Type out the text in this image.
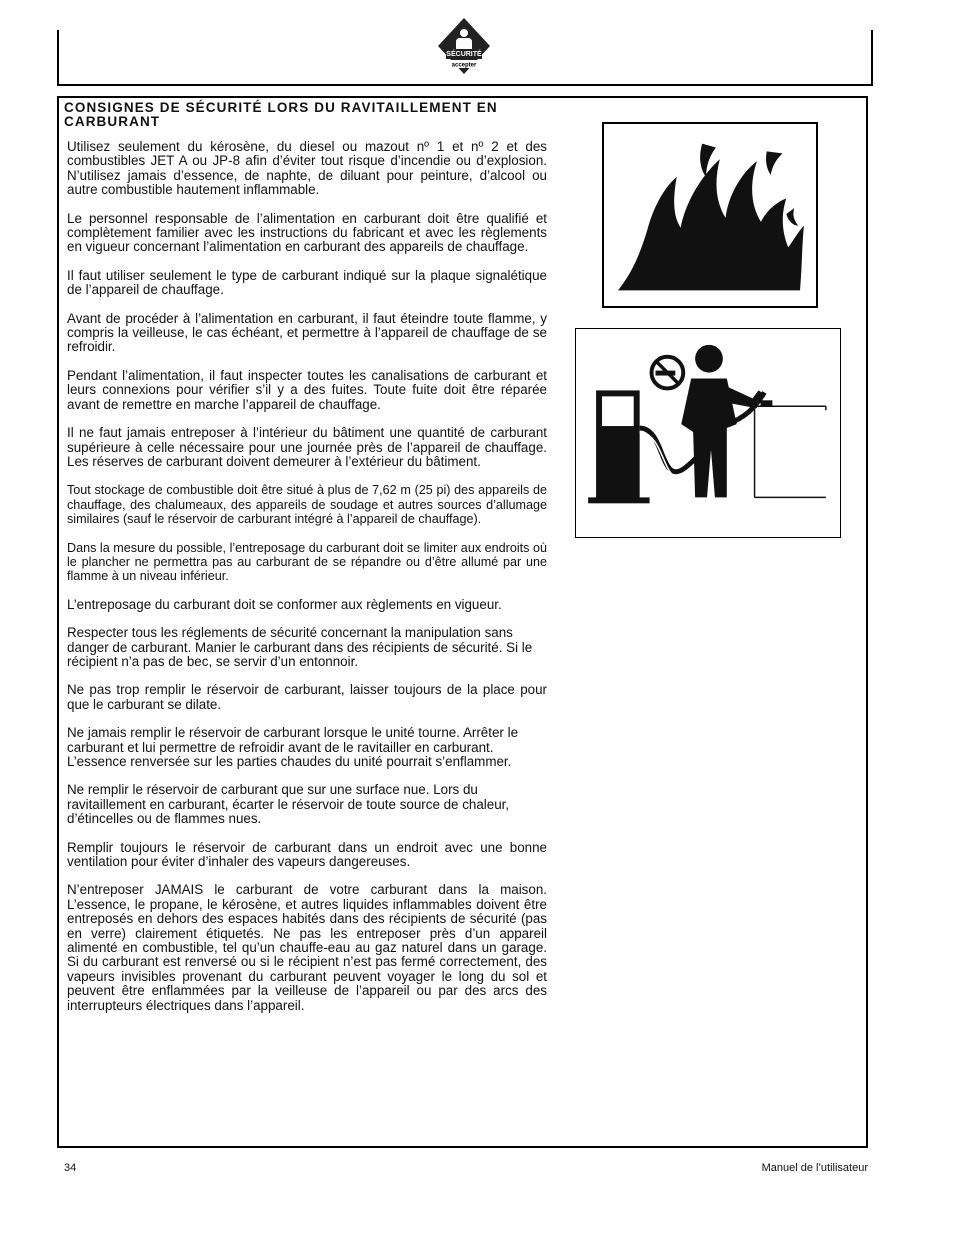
SÉCURITÉ
accepter
CONSIGNES DE SÉCURITÉ LORS DU RAVITAILLEMENT EN CARBURANT

Utilisez seulement du kérosène, du diesel ou mazout nº 1 et nº 2 et des combustibles JET A ou JP-8 afin d’éviter tout risque d’incendie ou d’explosion. N’utilisez jamais d’essence, de naphte, de diluant pour peinture, d’alcool ou autre combustible hautement inflammable.

Le personnel responsable de l’alimentation en carburant doit être qualifié et complètement familier avec les instructions du fabricant et avec les règlements en vigueur concernant l’alimentation en carburant des appareils de chauffage.

Il faut utiliser seulement le type de carburant indiqué sur la plaque signalétique de l’appareil de chauffage.

Avant de procéder à l’alimentation en carburant, il faut éteindre toute flamme, y compris la veilleuse, le cas échéant, et permettre à l’appareil de chauffage de se refroidir.

Pendant l’alimentation, il faut inspecter toutes les canalisations de carburant et leurs connexions pour vérifier s’il y a des fuites. Toute fuite doit être réparée avant de remettre en marche l’appareil de chauffage.

Il ne faut jamais entreposer à l’intérieur du bâtiment une quantité de carburant supérieure à celle nécessaire pour une journée près de l’appareil de chauffage. Les réserves de carburant doivent demeurer à l’extérieur du bâtiment.

Tout stockage de combustible doit être situé à plus de 7,62 m (25 pi) des appareils de chauffage, des chalumeaux, des appareils de soudage et autres sources d’allumage similaires (sauf le réservoir de carburant intégré à l’appareil de chauffage).

Dans la mesure du possible, l’entreposage du carburant doit se limiter aux endroits où le plancher ne permettra pas au carburant de se répandre ou d’être allumé par une flamme à un niveau inférieur.

L’entreposage du carburant doit se conformer aux règlements en vigueur.

Respecter tous les réglements de sécurité concernant la manipulation sans danger de carburant. Manier le carburant dans des récipients de sécurité. Si le récipient n’a pas de bec, se servir d’un entonnoir.

Ne pas trop remplir le réservoir de carburant, laisser toujours de la place pour que le carburant se dilate.

Ne jamais remplir le réservoir de carburant lorsque le unité tourne. Arrêter le carburant et lui permettre de refroidir avant de le ravitailler en carburant. L’essence renversée sur les parties chaudes du unité pourrait s’enflammer.

Ne remplir le réservoir de carburant que sur une surface nue. Lors du ravitaillement en carburant, écarter le réservoir de toute source de chaleur, d’étincelles ou de flammes nues.

Remplir toujours le réservoir de carburant dans un endroit avec une bonne ventilation pour éviter d’inhaler des vapeurs dangereuses.

N’entreposer JAMAIS le carburant de votre carburant dans la maison. L’essence, le propane, le kérosène, et autres liquides inflammables doivent être entreposés en dehors des espaces habités dans des récipients de sécurité (pas en verre) clairement étiquetés. Ne pas les entreposer près d’un appareil alimenté en combustible, tel qu’un chauffe-eau au gaz naturel dans un garage. Si du carburant est renversé ou si le récipient n’est pas fermé correctement, des vapeurs invisibles provenant du carburant peuvent voyager le long du sol et peuvent être enflammées par la veilleuse de l’appareil ou par des arcs des interrupteurs électriques dans l’appareil.

34	Manuel de l’utilisateur
